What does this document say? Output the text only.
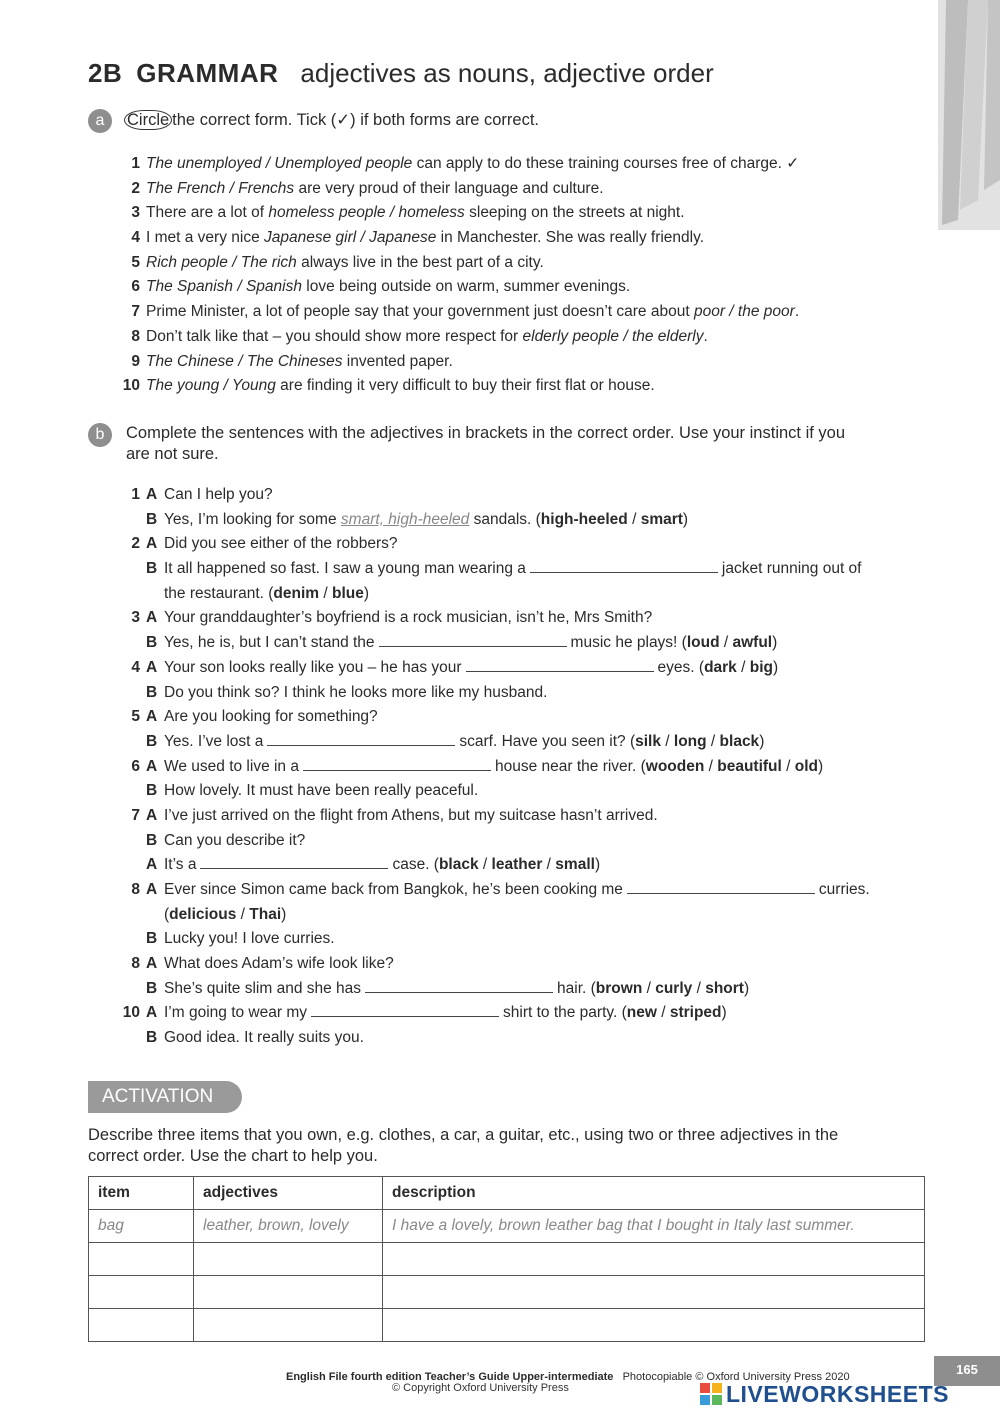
2B GRAMMAR adjectives as nouns, adjective order
a	Circle the correct form. Tick (✓) if both forms are correct.
1 The unemployed / Unemployed people can apply to do these training courses free of charge. ✓
2 The French / Frenchs are very proud of their language and culture.
3 There are a lot of homeless people / homeless sleeping on the streets at night.
4 I met a very nice Japanese girl / Japanese in Manchester. She was really friendly.
5 Rich people / The rich always live in the best part of a city.
6 The Spanish / Spanish love being outside on warm, summer evenings.
7 Prime Minister, a lot of people say that your government just doesn’t care about poor / the poor.
8 Don’t talk like that – you should show more respect for elderly people / the elderly.
9 The Chinese / The Chineses invented paper.
10 The young / Young are finding it very difficult to buy their first flat or house.
b	Complete the sentences with the adjectives in brackets in the correct order. Use your instinct if you
are not sure.
1 A Can I help you?
B Yes, I’m looking for some smart, high-heeled sandals. (high-heeled / smart)
2 A Did you see either of the robbers?
B It all happened so fast. I saw a young man wearing a	jacket running out of
the restaurant. (denim / blue)
3 A Your granddaughter’s boyfriend is a rock musician, isn’t he, Mrs Smith?
B Yes, he is, but I can’t stand the	music he plays! (loud / awful)
4 A Your son looks really like you – he has your	eyes. (dark / big)
B Do you think so? I think he looks more like my husband.
5 A Are you looking for something?
B Yes. I’ve lost a	scarf. Have you seen it? (silk / long / black)
6 A We used to live in a	house near the river. (wooden / beautiful / old)
B How lovely. It must have been really peaceful.
7 A I’ve just arrived on the flight from Athens, but my suitcase hasn’t arrived.
B Can you describe it?
A It’s a	case. (black / leather / small)
8 A Ever since Simon came back from Bangkok, he’s been cooking me	curries.
(delicious / Thai)
B Lucky you! I love curries.
8 A What does Adam’s wife look like?
B She’s quite slim and she has	hair. (brown / curly / short)
10 A I’m going to wear my	shirt to the party. (new / striped)
B Good idea. It really suits you.
ACTIVATION
Describe three items that you own, e.g. clothes, a car, a guitar, etc., using two or three adjectives in the
correct order. Use the chart to help you.
item	adjectives	description
bag	leather, brown, lovely	I have a lovely, brown leather bag that I bought in Italy last summer.

English File fourth edition Teacher’s Guide Upper-intermediate Photocopiable © Oxford University Press 2020
© Copyright Oxford University Press
165
LIVEWORKSHEETS
